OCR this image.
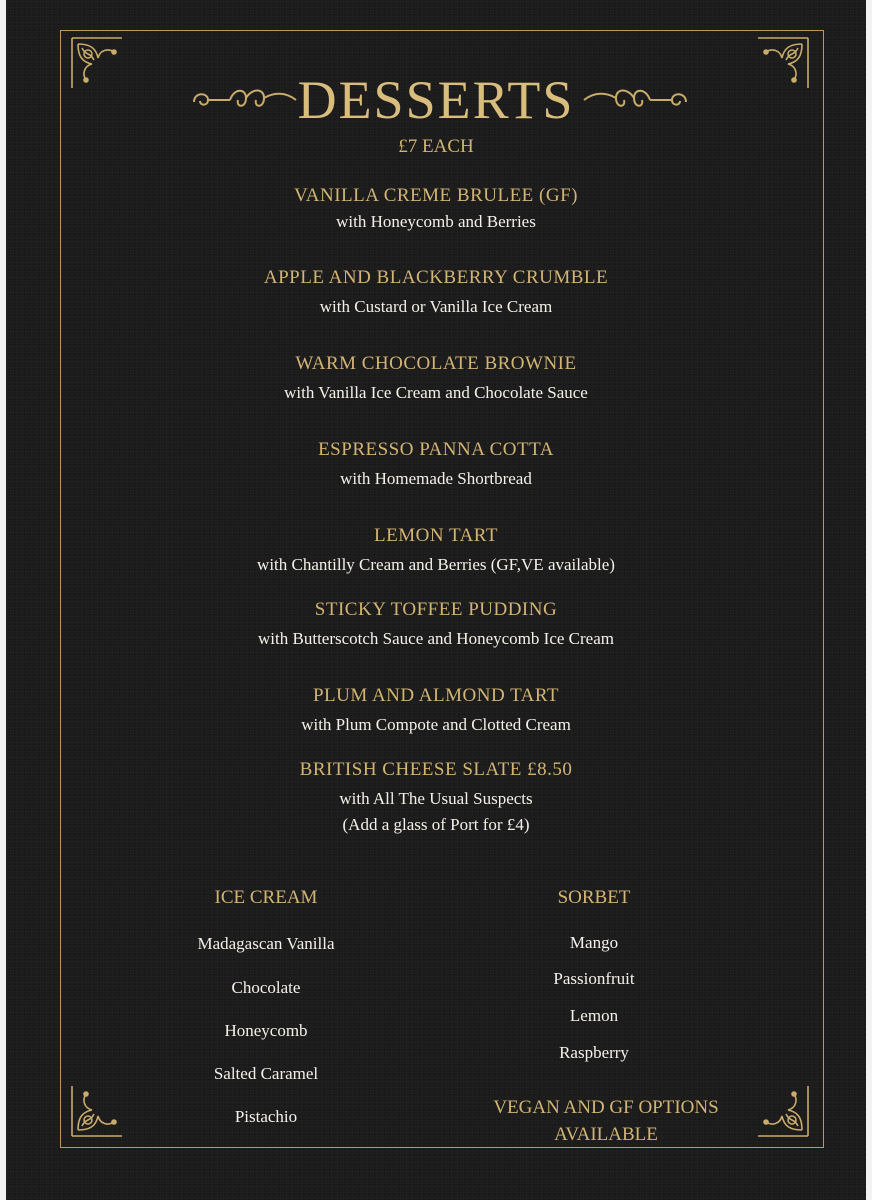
DESSERTS
£7 EACH
VANILLA CREME BRULEE (GF)
with Honeycomb and Berries
APPLE AND BLACKBERRY CRUMBLE
with Custard or Vanilla Ice Cream
WARM CHOCOLATE BROWNIE
with Vanilla Ice Cream and Chocolate Sauce
ESPRESSO PANNA COTTA
with Homemade Shortbread
LEMON TART
with Chantilly Cream and Berries (GF,VE available)
STICKY TOFFEE PUDDING
with Butterscotch Sauce and Honeycomb Ice Cream
PLUM AND ALMOND TART
with Plum Compote and Clotted Cream
BRITISH CHEESE SLATE £8.50
with All The Usual Suspects
(Add a glass of Port for £4)
ICE CREAM
Madagascan Vanilla
Chocolate
Honeycomb
Salted Caramel
Pistachio
SORBET
Mango
Passionfruit
Lemon
Raspberry
VEGAN AND GF OPTIONS
AVAILABLE
